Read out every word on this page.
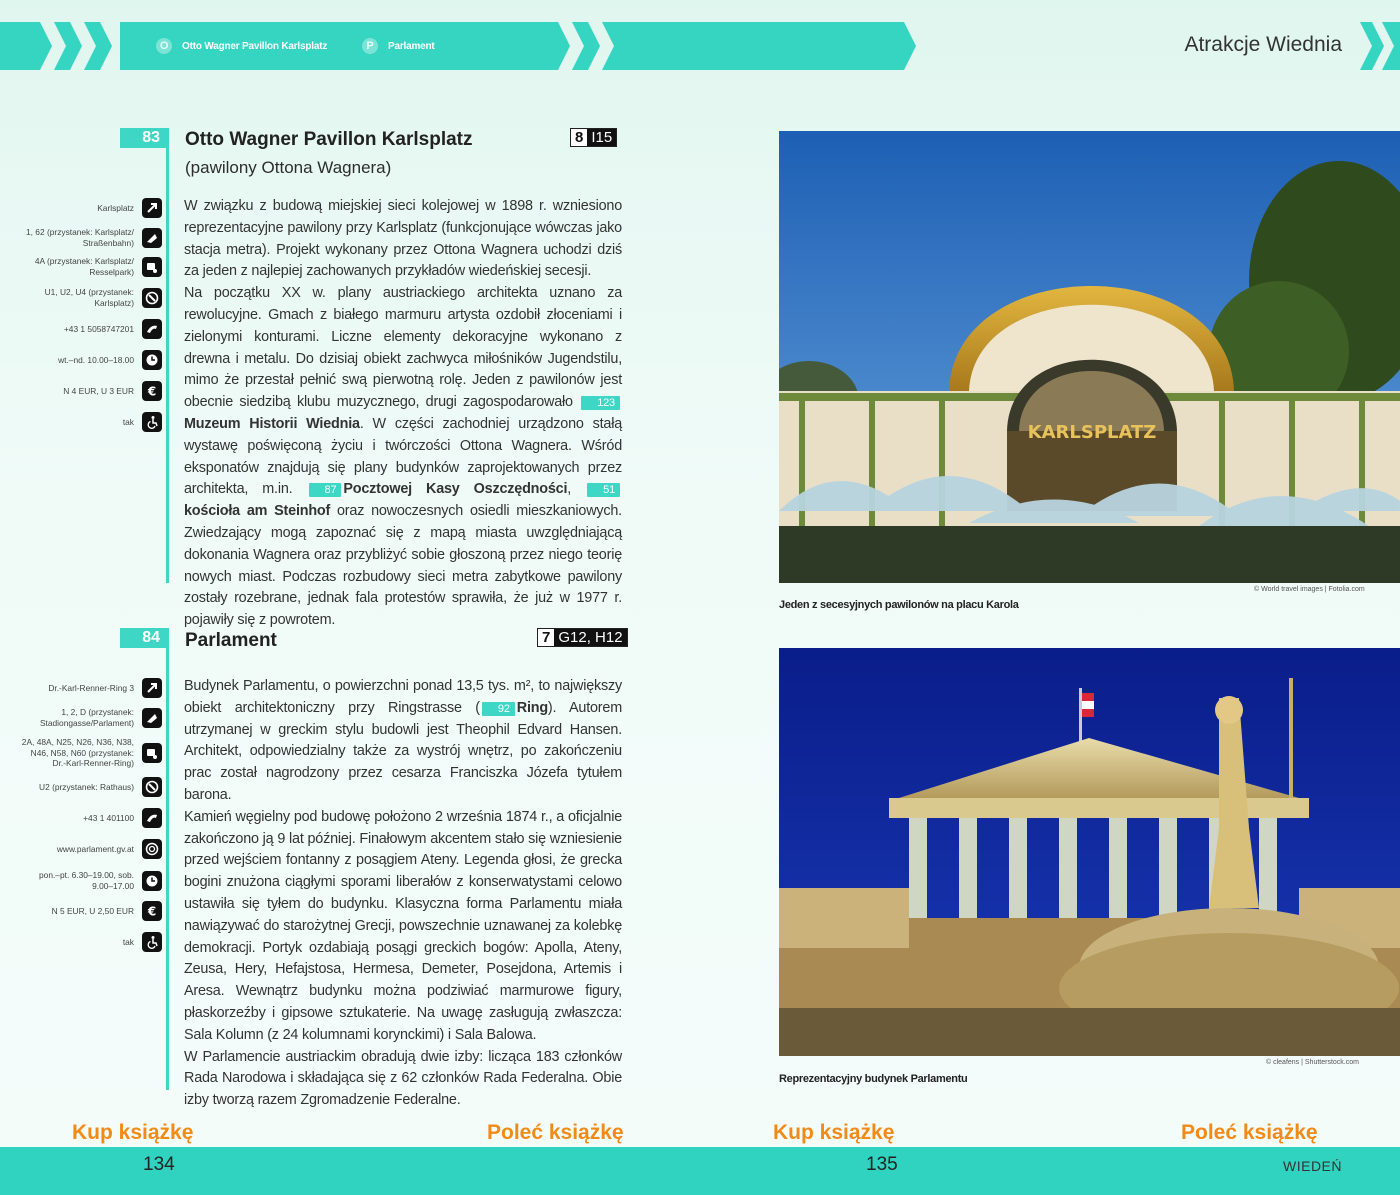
O	Otto Wagner Pavillon Karlsplatz	P	Parlament	Atrakcje Wiednia
83	Otto Wagner Pavillon Karlsplatz
(pawilony Ottona Wagnera)
8 I15
Karlsplatz
1, 62 (przystanek: Karlsplatz/ Straßenbahn)
4A (przystanek: Karlsplatz/ Resselpark)
U1, U2, U4 (przystanek: Karlsplatz)
+43 1 5058747201
wt.–nd. 10.00–18.00
N 4 EUR, U 3 EUR €
tak

W związku z budową miejskiej sieci kolejowej w 1898 r. wzniesiono reprezentacyjne pawilony przy Karlsplatz (funkcjonujące wówczas jako stacja metra). Projekt wykonany przez Ottona Wagnera uchodzi dziś za jeden z najlepiej zachowanych przykładów wiedeńskiej secesji.

Na początku XX w. plany austriackiego architekta uznano za rewolucyjne. Gmach z białego marmuru artysta ozdobił złoceniami i zielonymi konturami. Liczne elementy dekoracyjne wykonano z drewna i metalu. Do dzisiaj obiekt zachwyca miłośników Jugendstilu, mimo że przestał pełnić swą pierwotną rolę. Jeden z pawilonów jest obecnie siedzibą klubu muzycznego, drugi zagospodarowało 123Muzeum Historii Wiednia. W części zachodniej urządzono stałą wystawę poświęconą życiu i twórczości Ottona Wagnera. Wśród eksponatów znajdują się plany budynków zaprojektowanych przez architekta, m.in.	87 Pocztowej Kasy Oszczędności,	51kościoła am Steinhof oraz nowoczesnych osiedli mieszkaniowych. Zwiedzający mogą zapoznać się z mapą miasta uwzględniającą dokonania Wagnera oraz przybliżyć sobie głoszoną przez niego teorię nowych miast. Podczas rozbudowy sieci metra zabytkowe pawilony zostały rozebrane, jednak fala protestów sprawiła, że już w 1977 r. pojawiły się z powrotem.

84	Parlament	7 G12, H12
Dr.-Karl-Renner-Ring 3
1, 2, D (przystanek: Stadiongasse/Parlament)
2A, 48A, N25, N26, N36, N38, N46, N58, N60 (przystanek: Dr.-Karl-Renner-Ring)
U2 (przystanek: Rathaus)
+43 1 401100
www.parlament.gv.at
pon.–pt. 6.30–19.00, sob. 9.00–17.00
N 5 EUR, U 2,50 EUR €
tak

Budynek Parlamentu, o powierzchni ponad 13,5 tys. m², to największy obiekt architektoniczny przy Ringstrasse ( 92 Ring). Autorem utrzymanej w greckim stylu budowli jest Theophil Edvard Hansen. Architekt, odpowiedzialny także za wystrój wnętrz, po zakończeniu prac został nagrodzony przez cesarza Franciszka Józefa tytułem barona.

Kamień węgielny pod budowę położono 2 września 1874 r., a oficjalnie zakończono ją 9 lat później. Finałowym akcentem stało się wzniesienie przed wejściem fontanny z posągiem Ateny. Legenda głosi, że grecka bogini znużona ciągłymi sporami liberałów z konserwatystami celowo ustawiła się tyłem do budynku. Klasyczna forma Parlamentu miała nawiązywać do starożytnej Grecji, powszechnie uznawanej za kolebkę demokracji. Portyk ozdabiają posągi greckich bogów: Apolla, Ateny, Zeusa, Hery, Hefajstosa, Hermesa, Demeter, Posejdona, Artemis i Aresa. Wewnątrz budynku można podziwiać marmurowe figury, płaskorzeźby i gipsowe sztukaterie. Na uwagę zasługują zwłaszcza: Sala Kolumn (z 24 kolumnami korynckimi) i Sala Balowa.

W Parlamencie austriackim obradują dwie izby: licząca 183 członków Rada Narodowa i składająca się z 62 członków Rada Federalna. Obie izby tworzą razem Zgromadzenie Federalne.

KARLSPLATZ
© World travel images | Fotolia.com
Jeden z secesyjnych pawilonów na placu Karola
© cleafens | Shutterstock.com
Reprezentacyjny budynek Parlamentu
Kup książkę	Poleć książkę	Kup książkę	Poleć książkę
134	135	WIEDEŃ
